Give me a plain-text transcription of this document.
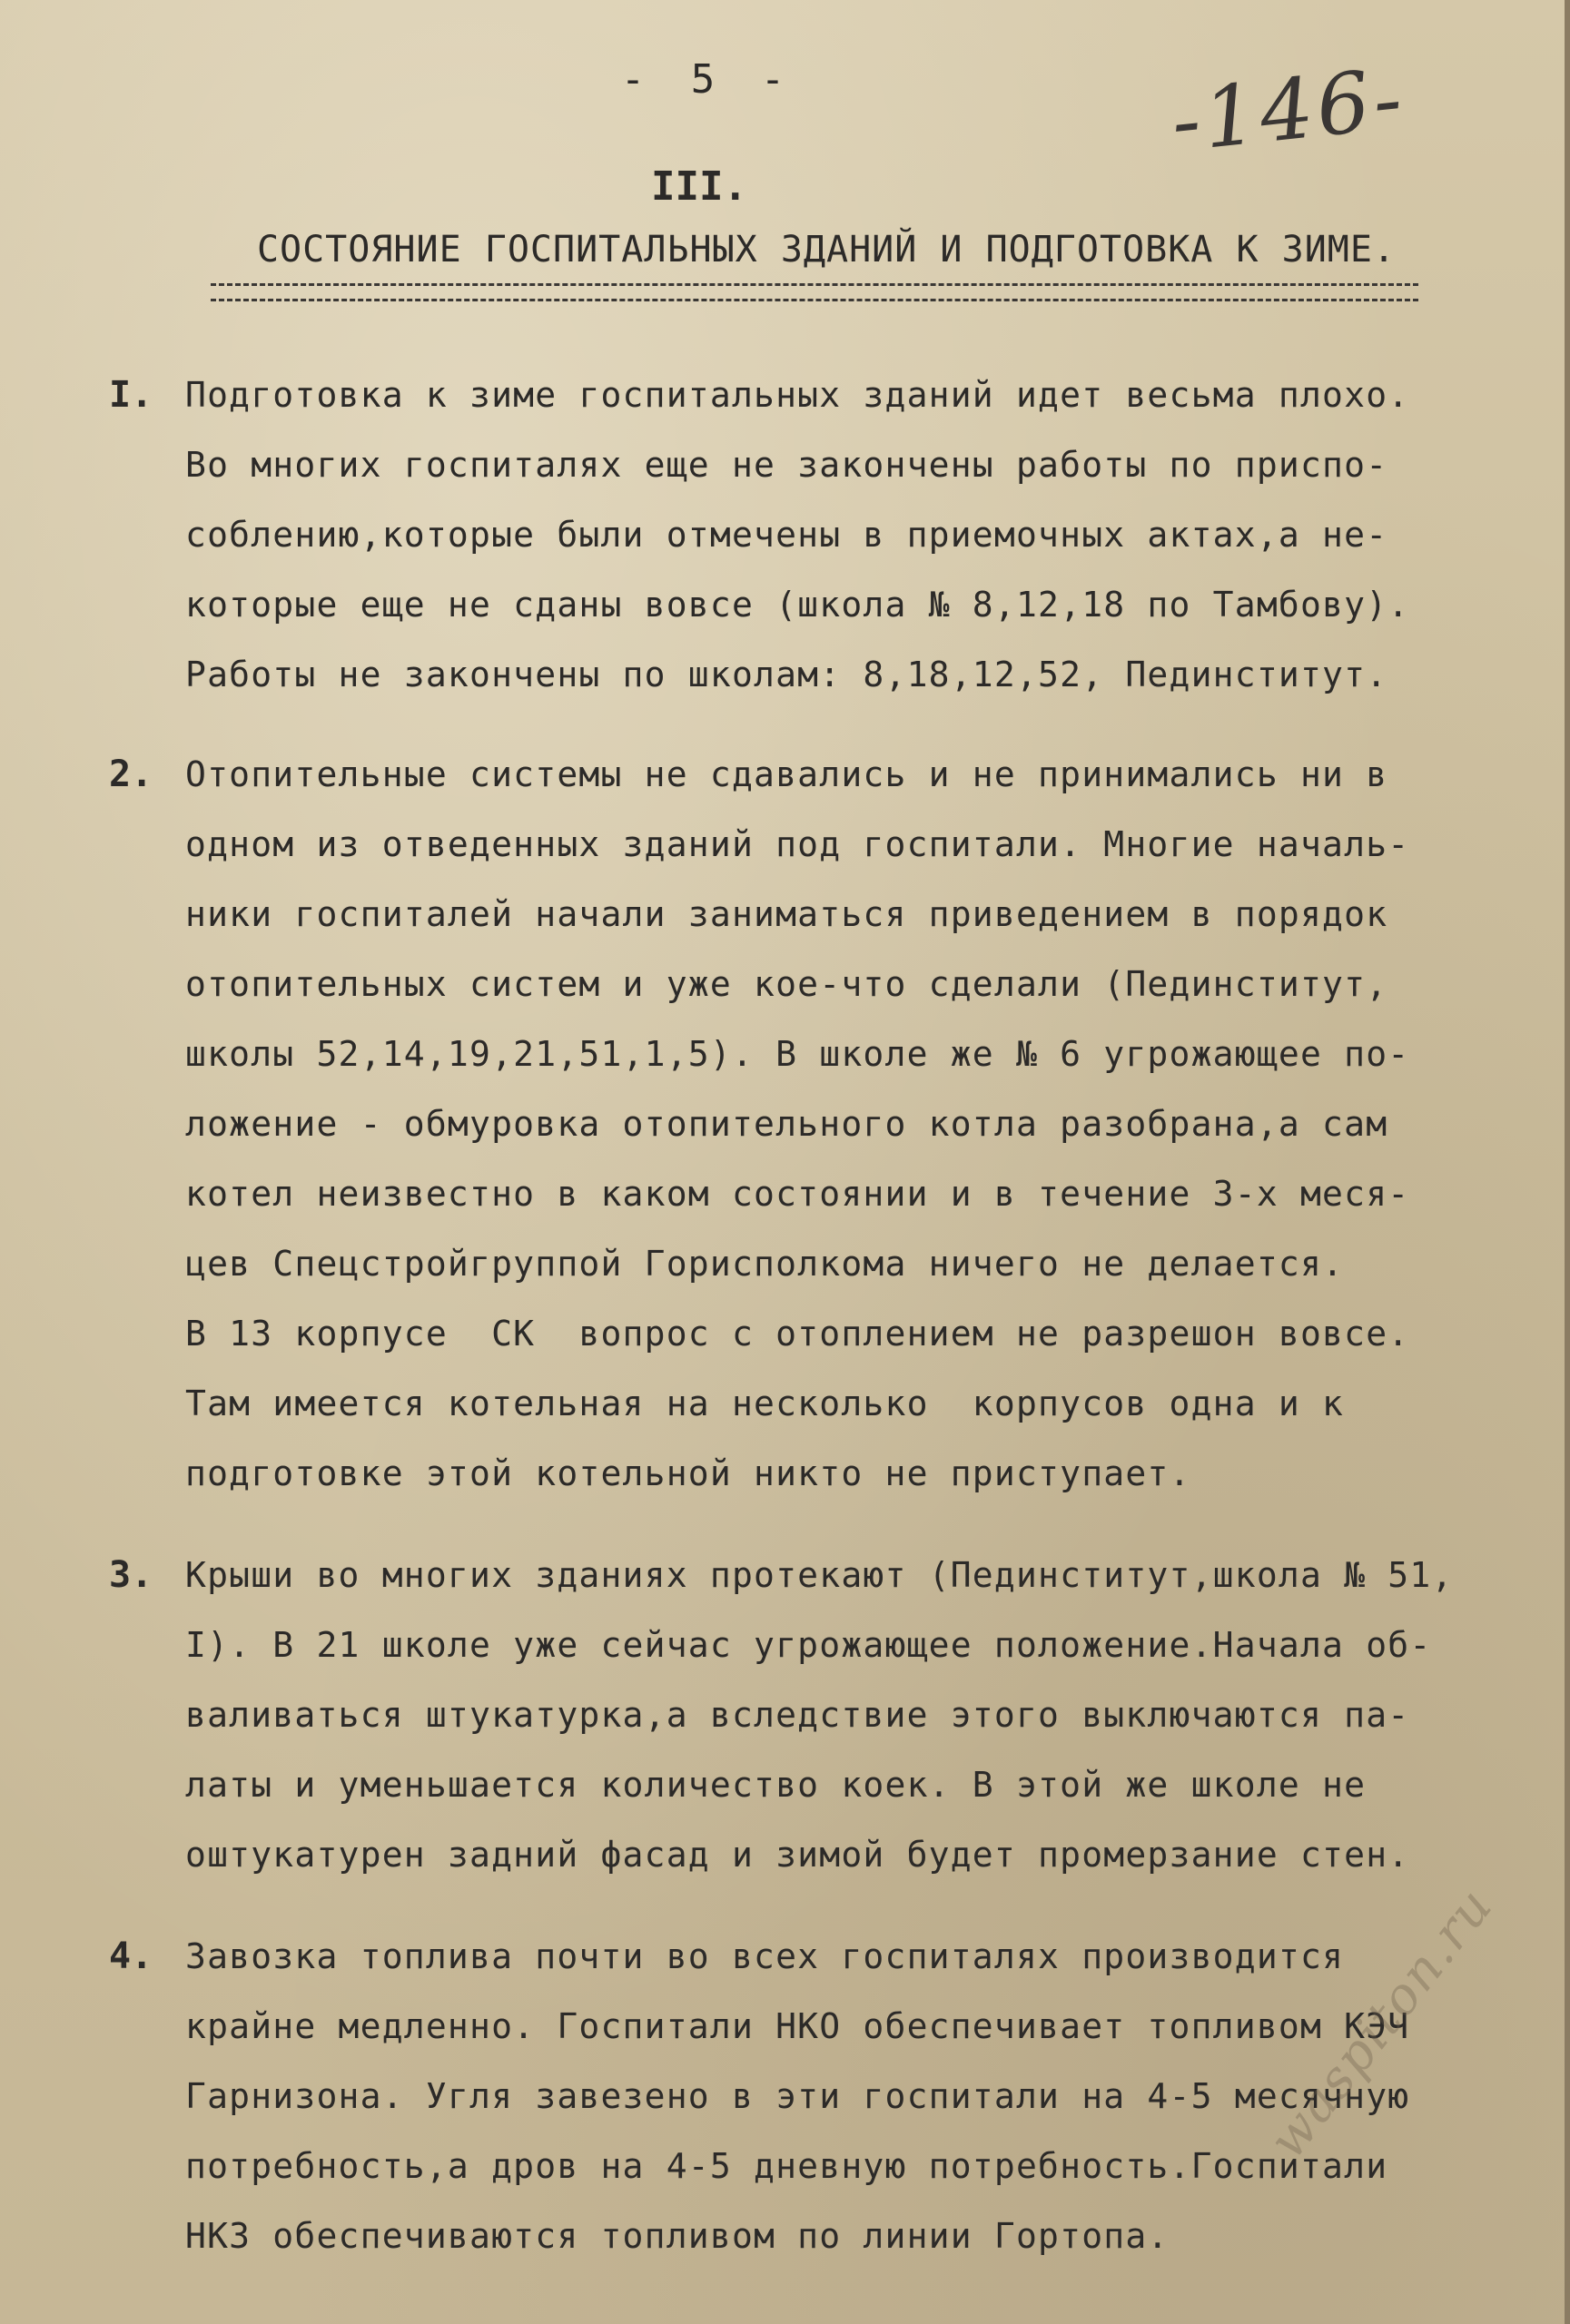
- 5 -	-146-
III.
СОСТОЯНИЕ ГОСПИТАЛЬНЫХ ЗДАНИЙ И ПОДГОТОВКА К ЗИМЕ.
I. Подготовка к зиме госпитальных зданий идет весьма плохо.
Во многих госпиталях еще не закончены работы по приспо-
соблению,которые были отмечены в приемочных актах,а не-
которые еще не сданы вовсе (школа № 8,12,18 по Тамбову).
Работы не закончены по школам: 8,18,12,52, Пединститут.
2. Отопительные системы не сдавались и не принимались ни в
одном из отведенных зданий под госпитали. Многие началь-
ники госпиталей начали заниматься приведением в порядок
отопительных систем и уже кое-что сделали (Пединститут,
школы 52,14,19,21,51,1,5). В школе же № 6 угрожающее по-
ложение - обмуровка отопительного котла разобрана,а сам
котел неизвестно в каком состоянии и в течение 3-х меся-
цев Спецстройгруппой Горисполкома ничего не делается.
В 13 корпусе  СК  вопрос с отоплением не разрешон вовсе.
Там имеется котельная на несколько  корпусов одна и к
подготовке этой котельной никто не приступает.
3. Крыши во многих зданиях протекают (Пединститут,школа № 51,
I). В 21 школе уже сейчас угрожающее положение.Начала об-
валиваться штукатурка,а вследствие этого выключаются па-
латы и уменьшается количество коек. В этой же школе не
оштукатурен задний фасад и зимой будет промерзание стен.
4. Завозка топлива почти во всех госпиталях производится
крайне медленно. Госпитали НКО обеспечивает топливом КЭЧ
Гарнизона. Угля завезено в эти госпитали на 4-5 месячную
потребность,а дров на 4-5 дневную потребность.Госпитали
НКЗ обеспечиваются топливом по линии Гортопа.
waspiton.ru
